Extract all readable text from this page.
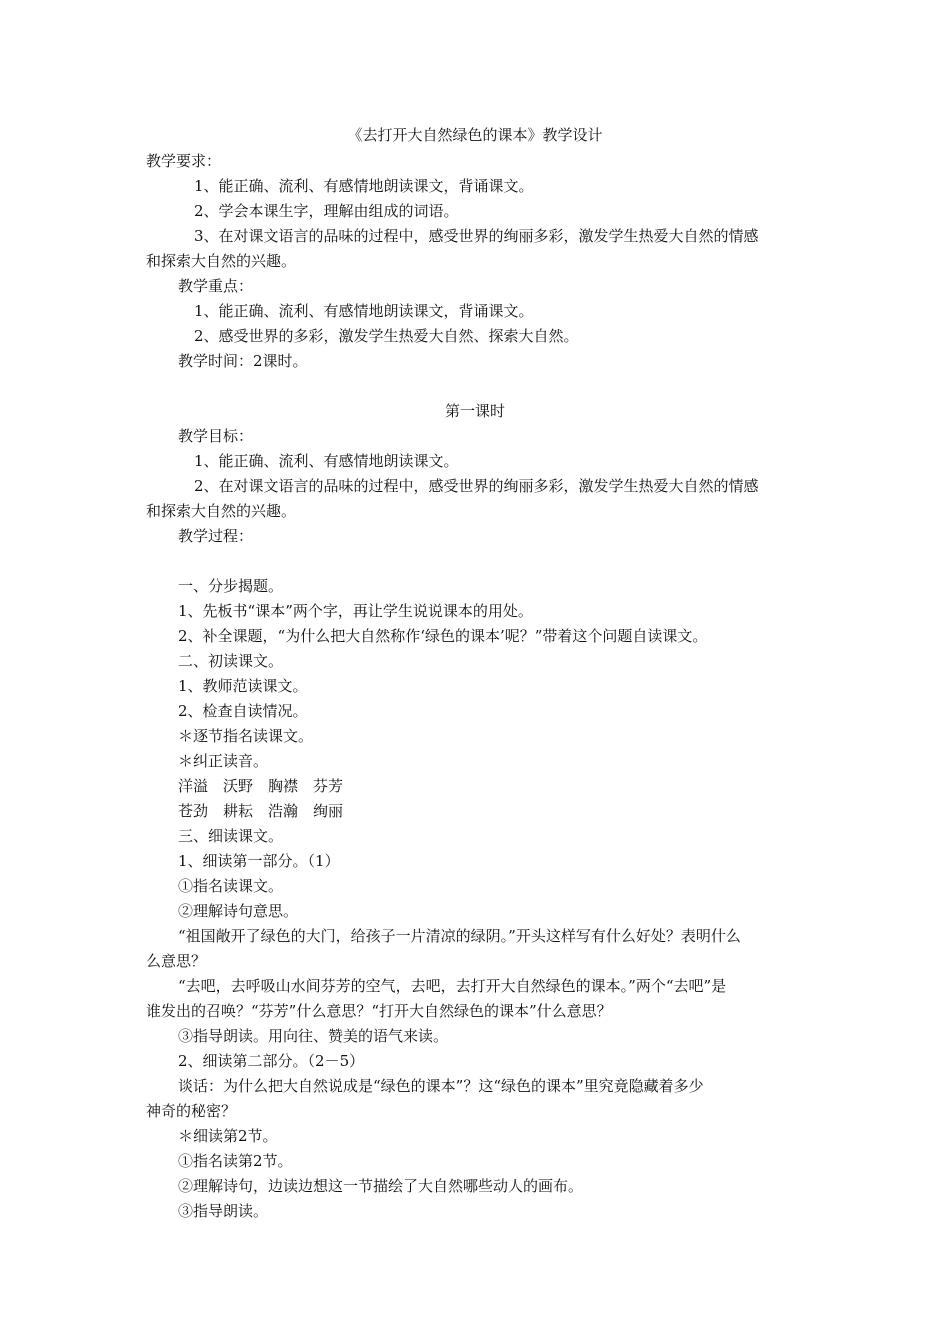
《去打开大自然绿色的课本》教学设计
教学要求：
1、能正确、流利、有感情地朗读课文，背诵课文。
2、学会本课生字，理解由组成的词语。
3、在对课文语言的品味的过程中，感受世界的绚丽多彩，激发学生热爱大自然的情感
和探索大自然的兴趣。
教学重点：
1、能正确、流利、有感情地朗读课文，背诵课文。
2、感受世界的多彩，激发学生热爱大自然、探索大自然。
教学时间：2课时。
第一课时
教学目标：
1、能正确、流利、有感情地朗读课文。
2、在对课文语言的品味的过程中，感受世界的绚丽多彩，激发学生热爱大自然的情感
和探索大自然的兴趣。
教学过程：
一、分步揭题。
1、先板书“课本”两个字，再让学生说说课本的用处。
2、补全课题，“为什么把大自然称作‘绿色的课本’呢？”带着这个问题自读课文。
二、初读课文。
1、教师范读课文。
2、检查自读情况。
＊逐节指名读课文。
＊纠正读音。
洋溢　沃野　胸襟　芬芳
苍劲　耕耘　浩瀚　绚丽
三、细读课文。
1、细读第一部分。（1）
①指名读课文。
②理解诗句意思。
“祖国敞开了绿色的大门，给孩子一片清凉的绿阴。”开头这样写有什么好处？表明什么
么意思？
“去吧，去呼吸山水间芬芳的空气，去吧，去打开大自然绿色的课本。”两个“去吧”是
谁发出的召唤？“芬芳”什么意思？“打开大自然绿色的课本”什么意思？
③指导朗读。用向往、赞美的语气来读。
2、细读第二部分。（2－5）
谈话：为什么把大自然说成是“绿色的课本”？这“绿色的课本”里究竟隐藏着多少
神奇的秘密？
＊细读第2节。
①指名读第2节。
②理解诗句，边读边想这一节描绘了大自然哪些动人的画布。
③指导朗读。
